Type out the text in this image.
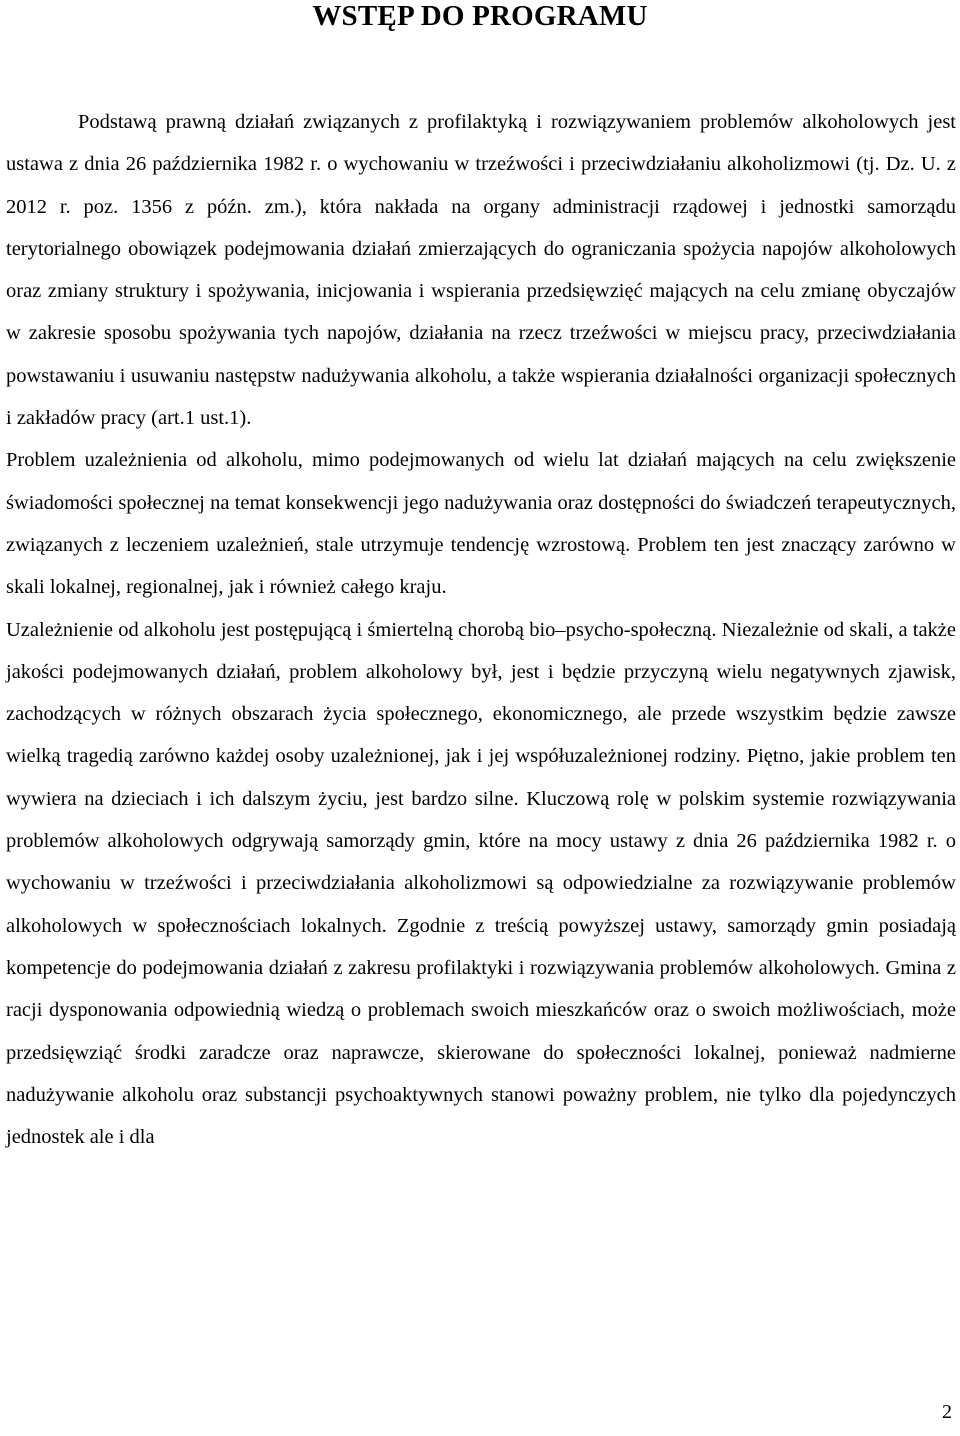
WSTĘP DO PROGRAMU

Podstawą prawną działań związanych z profilaktyką i rozwiązywaniem problemów alkoholowych jest ustawa z dnia 26 października 1982 r. o wychowaniu w trzeźwości i przeciwdziałaniu alkoholizmowi (tj. Dz. U. z 2012 r. poz. 1356 z późn. zm.), która nakłada na organy administracji rządowej i jednostki samorządu terytorialnego obowiązek podejmowania działań zmierzających do ograniczania spożycia napojów alkoholowych oraz zmiany struktury i spożywania, inicjowania i wspierania przedsięwzięć mających na celu zmianę obyczajów w zakresie sposobu spożywania tych napojów, działania na rzecz trzeźwości w miejscu pracy, przeciwdziałania powstawaniu i usuwaniu następstw nadużywania alkoholu, a także wspierania działalności organizacji społecznych i zakładów pracy (art.1 ust.1).

Problem uzależnienia od alkoholu, mimo podejmowanych od wielu lat działań mających na celu zwiększenie świadomości społecznej na temat konsekwencji jego nadużywania oraz dostępności do świadczeń terapeutycznych, związanych z leczeniem uzależnień, stale utrzymuje tendencję wzrostową. Problem ten jest znaczący zarówno w skali lokalnej, regionalnej, jak i również całego kraju.

Uzależnienie od alkoholu jest postępującą i śmiertelną chorobą bio–psycho-społeczną. Niezależnie od skali, a także jakości podejmowanych działań, problem alkoholowy był, jest i będzie przyczyną wielu negatywnych zjawisk, zachodzących w różnych obszarach życia społecznego, ekonomicznego, ale przede wszystkim będzie zawsze wielką tragedią zarówno każdej osoby uzależnionej, jak i jej współuzależnionej rodziny. Piętno, jakie problem ten wywiera na dzieciach i ich dalszym życiu, jest bardzo silne. Kluczową rolę w polskim systemie rozwiązywania problemów alkoholowych odgrywają samorządy gmin, które na mocy ustawy z dnia 26 października 1982 r. o wychowaniu w trzeźwości i przeciwdziałania alkoholizmowi są odpowiedzialne za rozwiązywanie problemów alkoholowych w społecznościach lokalnych. Zgodnie z treścią powyższej ustawy, samorządy gmin posiadają kompetencje do podejmowania działań z zakresu profilaktyki i rozwiązywania problemów alkoholowych. Gmina z racji dysponowania odpowiednią wiedzą o problemach swoich mieszkańców oraz o swoich możliwościach, może przedsięwziąć środki zaradcze oraz naprawcze, skierowane do społeczności lokalnej, ponieważ nadmierne nadużywanie alkoholu oraz substancji psychoaktywnych stanowi poważny problem, nie tylko dla pojedynczych jednostek ale i dla

2
